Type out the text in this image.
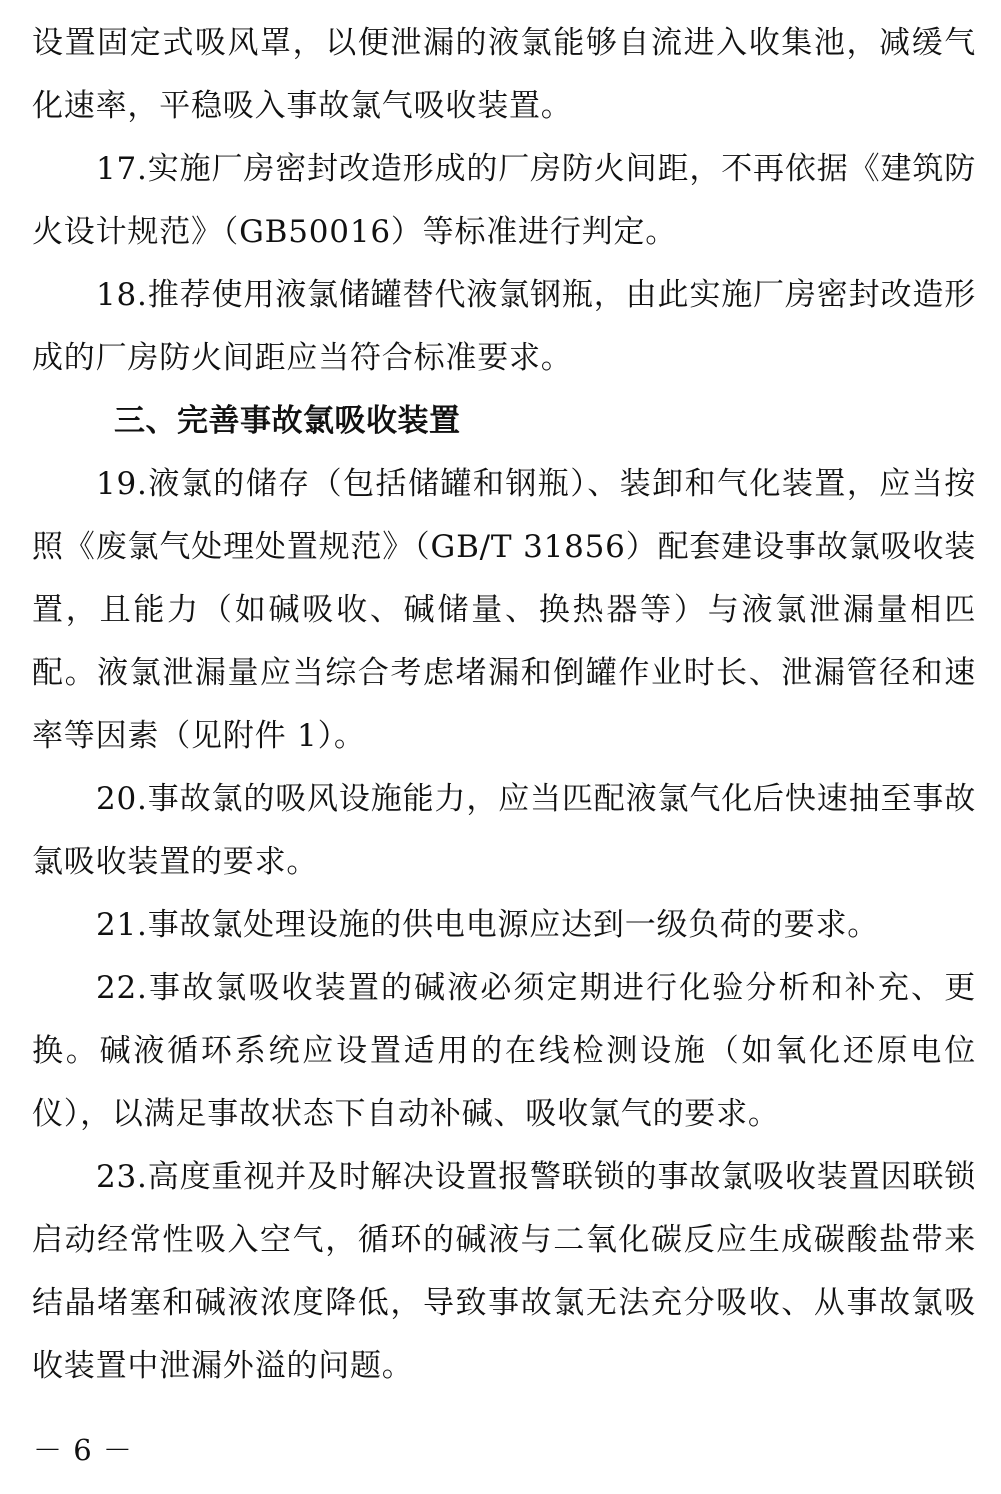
设置固定式吸风罩，以便泄漏的液氯能够自流进入收集池，减缓气化速率，平稳吸入事故氯气吸收装置。

17.实施厂房密封改造形成的厂房防火间距，不再依据《建筑防火设计规范》（GB50016）等标准进行判定。

18.推荐使用液氯储罐替代液氯钢瓶，由此实施厂房密封改造形成的厂房防火间距应当符合标准要求。

三、完善事故氯吸收装置

19.液氯的储存（包括储罐和钢瓶）、装卸和气化装置，应当按照《废氯气处理处置规范》（GB/T 31856）配套建设事故氯吸收装置，且能力（如碱吸收、碱储量、换热器等）与液氯泄漏量相匹配。液氯泄漏量应当综合考虑堵漏和倒罐作业时长、泄漏管径和速率等因素（见附件 1）。

20.事故氯的吸风设施能力，应当匹配液氯气化后快速抽至事故氯吸收装置的要求。

21.事故氯处理设施的供电电源应达到一级负荷的要求。

22.事故氯吸收装置的碱液必须定期进行化验分析和补充、更换。碱液循环系统应设置适用的在线检测设施（如氧化还原电位仪），以满足事故状态下自动补碱、吸收氯气的要求。

23.高度重视并及时解决设置报警联锁的事故氯吸收装置因联锁启动经常性吸入空气，循环的碱液与二氧化碳反应生成碳酸盐带来结晶堵塞和碱液浓度降低，导致事故氯无法充分吸收、从事故氯吸收装置中泄漏外溢的问题。

－ 6 －
